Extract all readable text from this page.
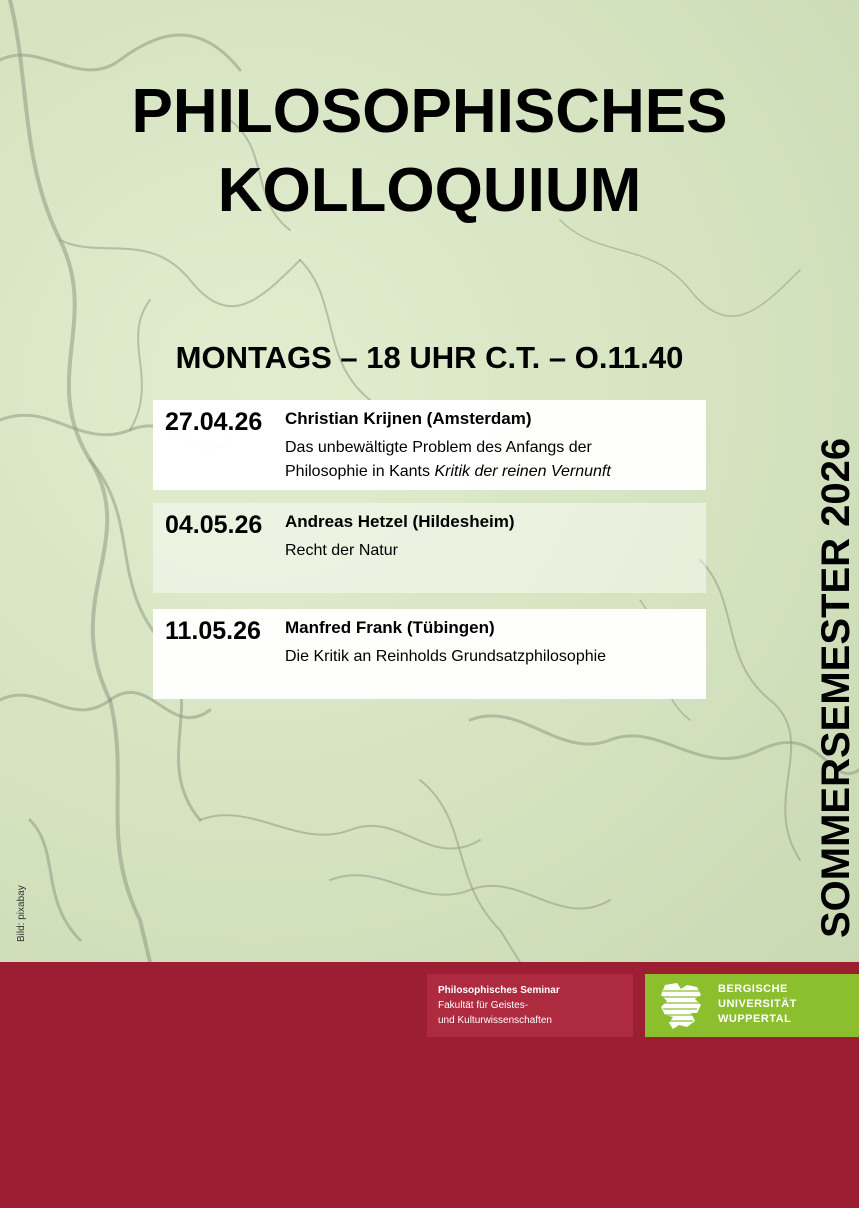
PHILOSOPHISCHES
KOLLOQUIUM
MONTAGS – 18 UHR C.T. – O.11.40
27.04.26 Christian Krijnen (Amsterdam)
Das unbewältigte Problem des Anfangs der
Philosophie in Kants Kritik der reinen Vernunft
04.05.26 Andreas Hetzel (Hildesheim)
Recht der Natur
11.05.26 Manfred Frank (Tübingen)
Die Kritik an Reinholds Grundsatzphilosophie	SOMMERSEMESTER 2026
Bild: pixabay
Philosophisches Seminar
Fakultät für Geistes-
und Kulturwissenschaften
BERGISCHE
UNIVERSITÄT
WUPPERTAL
